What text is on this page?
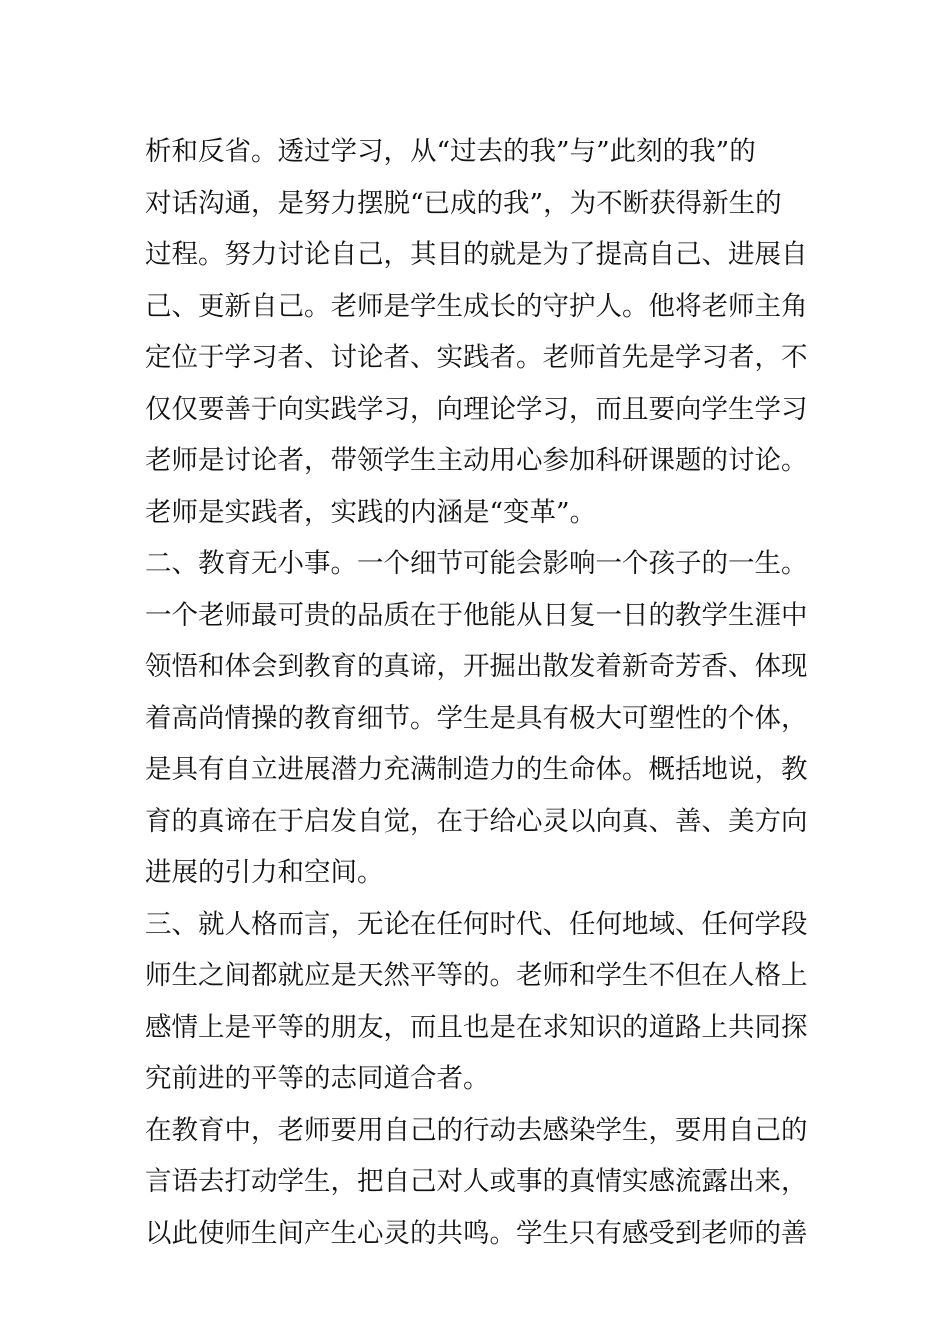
析和反省。透过学习，从“过去的我”与”此刻的我”的
对话沟通，是努力摆脱“已成的我”，为不断获得新生的
过程。努力讨论自己，其目的就是为了提高自己、进展自
己、更新自己。老师是学生成长的守护人。他将老师主角
定位于学习者、讨论者、实践者。老师首先是学习者，不
仅仅要善于向实践学习，向理论学习，而且要向学生学习
老师是讨论者，带领学生主动用心参加科研课题的讨论。
老师是实践者，实践的内涵是“变革”。
二、教育无小事。一个细节可能会影响一个孩子的一生。
一个老师最可贵的品质在于他能从日复一日的教学生涯中
领悟和体会到教育的真谛，开掘出散发着新奇芳香、体现
着高尚情操的教育细节。学生是具有极大可塑性的个体，
是具有自立进展潜力充满制造力的生命体。概括地说，教
育的真谛在于启发自觉，在于给心灵以向真、善、美方向
进展的引力和空间。
三、就人格而言，无论在任何时代、任何地域、任何学段
师生之间都就应是天然平等的。老师和学生不但在人格上
感情上是平等的朋友，而且也是在求知识的道路上共同探
究前进的平等的志同道合者。
在教育中，老师要用自己的行动去感染学生，要用自己的
言语去打动学生，把自己对人或事的真情实感流露出来，
以此使师生间产生心灵的共鸣。学生只有感受到老师的善
